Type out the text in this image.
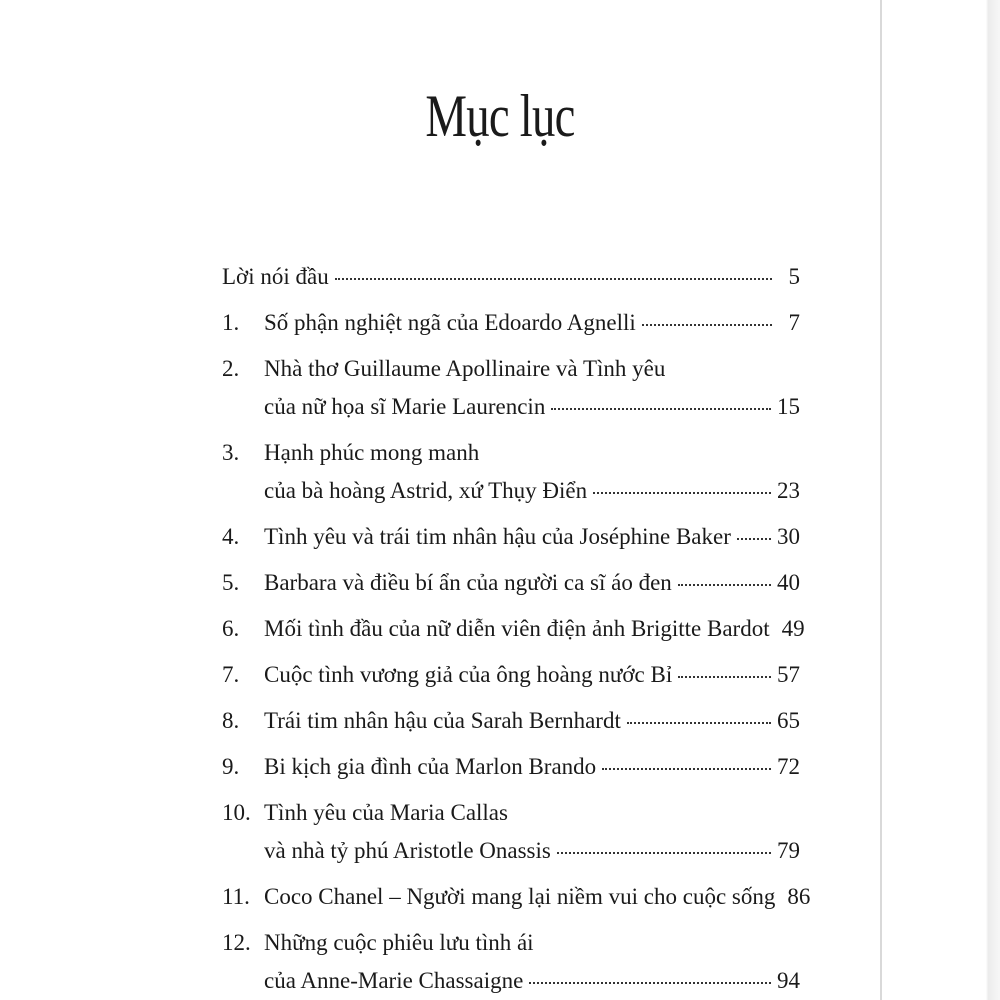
Mục lục
Lời nói đầu	5
1.	Số phận nghiệt ngã của Edoardo Agnelli	7
2.	Nhà thơ Guillaume Apollinaire và Tình yêu
của nữ họa sĩ Marie Laurencin	15
3.	Hạnh phúc mong manh
của bà hoàng Astrid, xứ Thụy Điển	23
4.	Tình yêu và trái tim nhân hậu của Joséphine Baker 30
5.	Barbara và điều bí ẩn của người ca sĩ áo đen	40
6.	Mối tình đầu của nữ diễn viên điện ảnh Brigitte Bardot 49
7.	Cuộc tình vương giả của ông hoàng nước Bỉ	57
8.	Trái tim nhân hậu của Sarah Bernhardt	65
9.	Bi kịch gia đình của Marlon Brando	72
10. Tình yêu của Maria Callas
và nhà tỷ phú Aristotle Onassis	79
11. Coco Chanel – Người mang lại niềm vui cho cuộc sống 86
12. Những cuộc phiêu lưu tình ái
của Anne-Marie Chassaigne	94
